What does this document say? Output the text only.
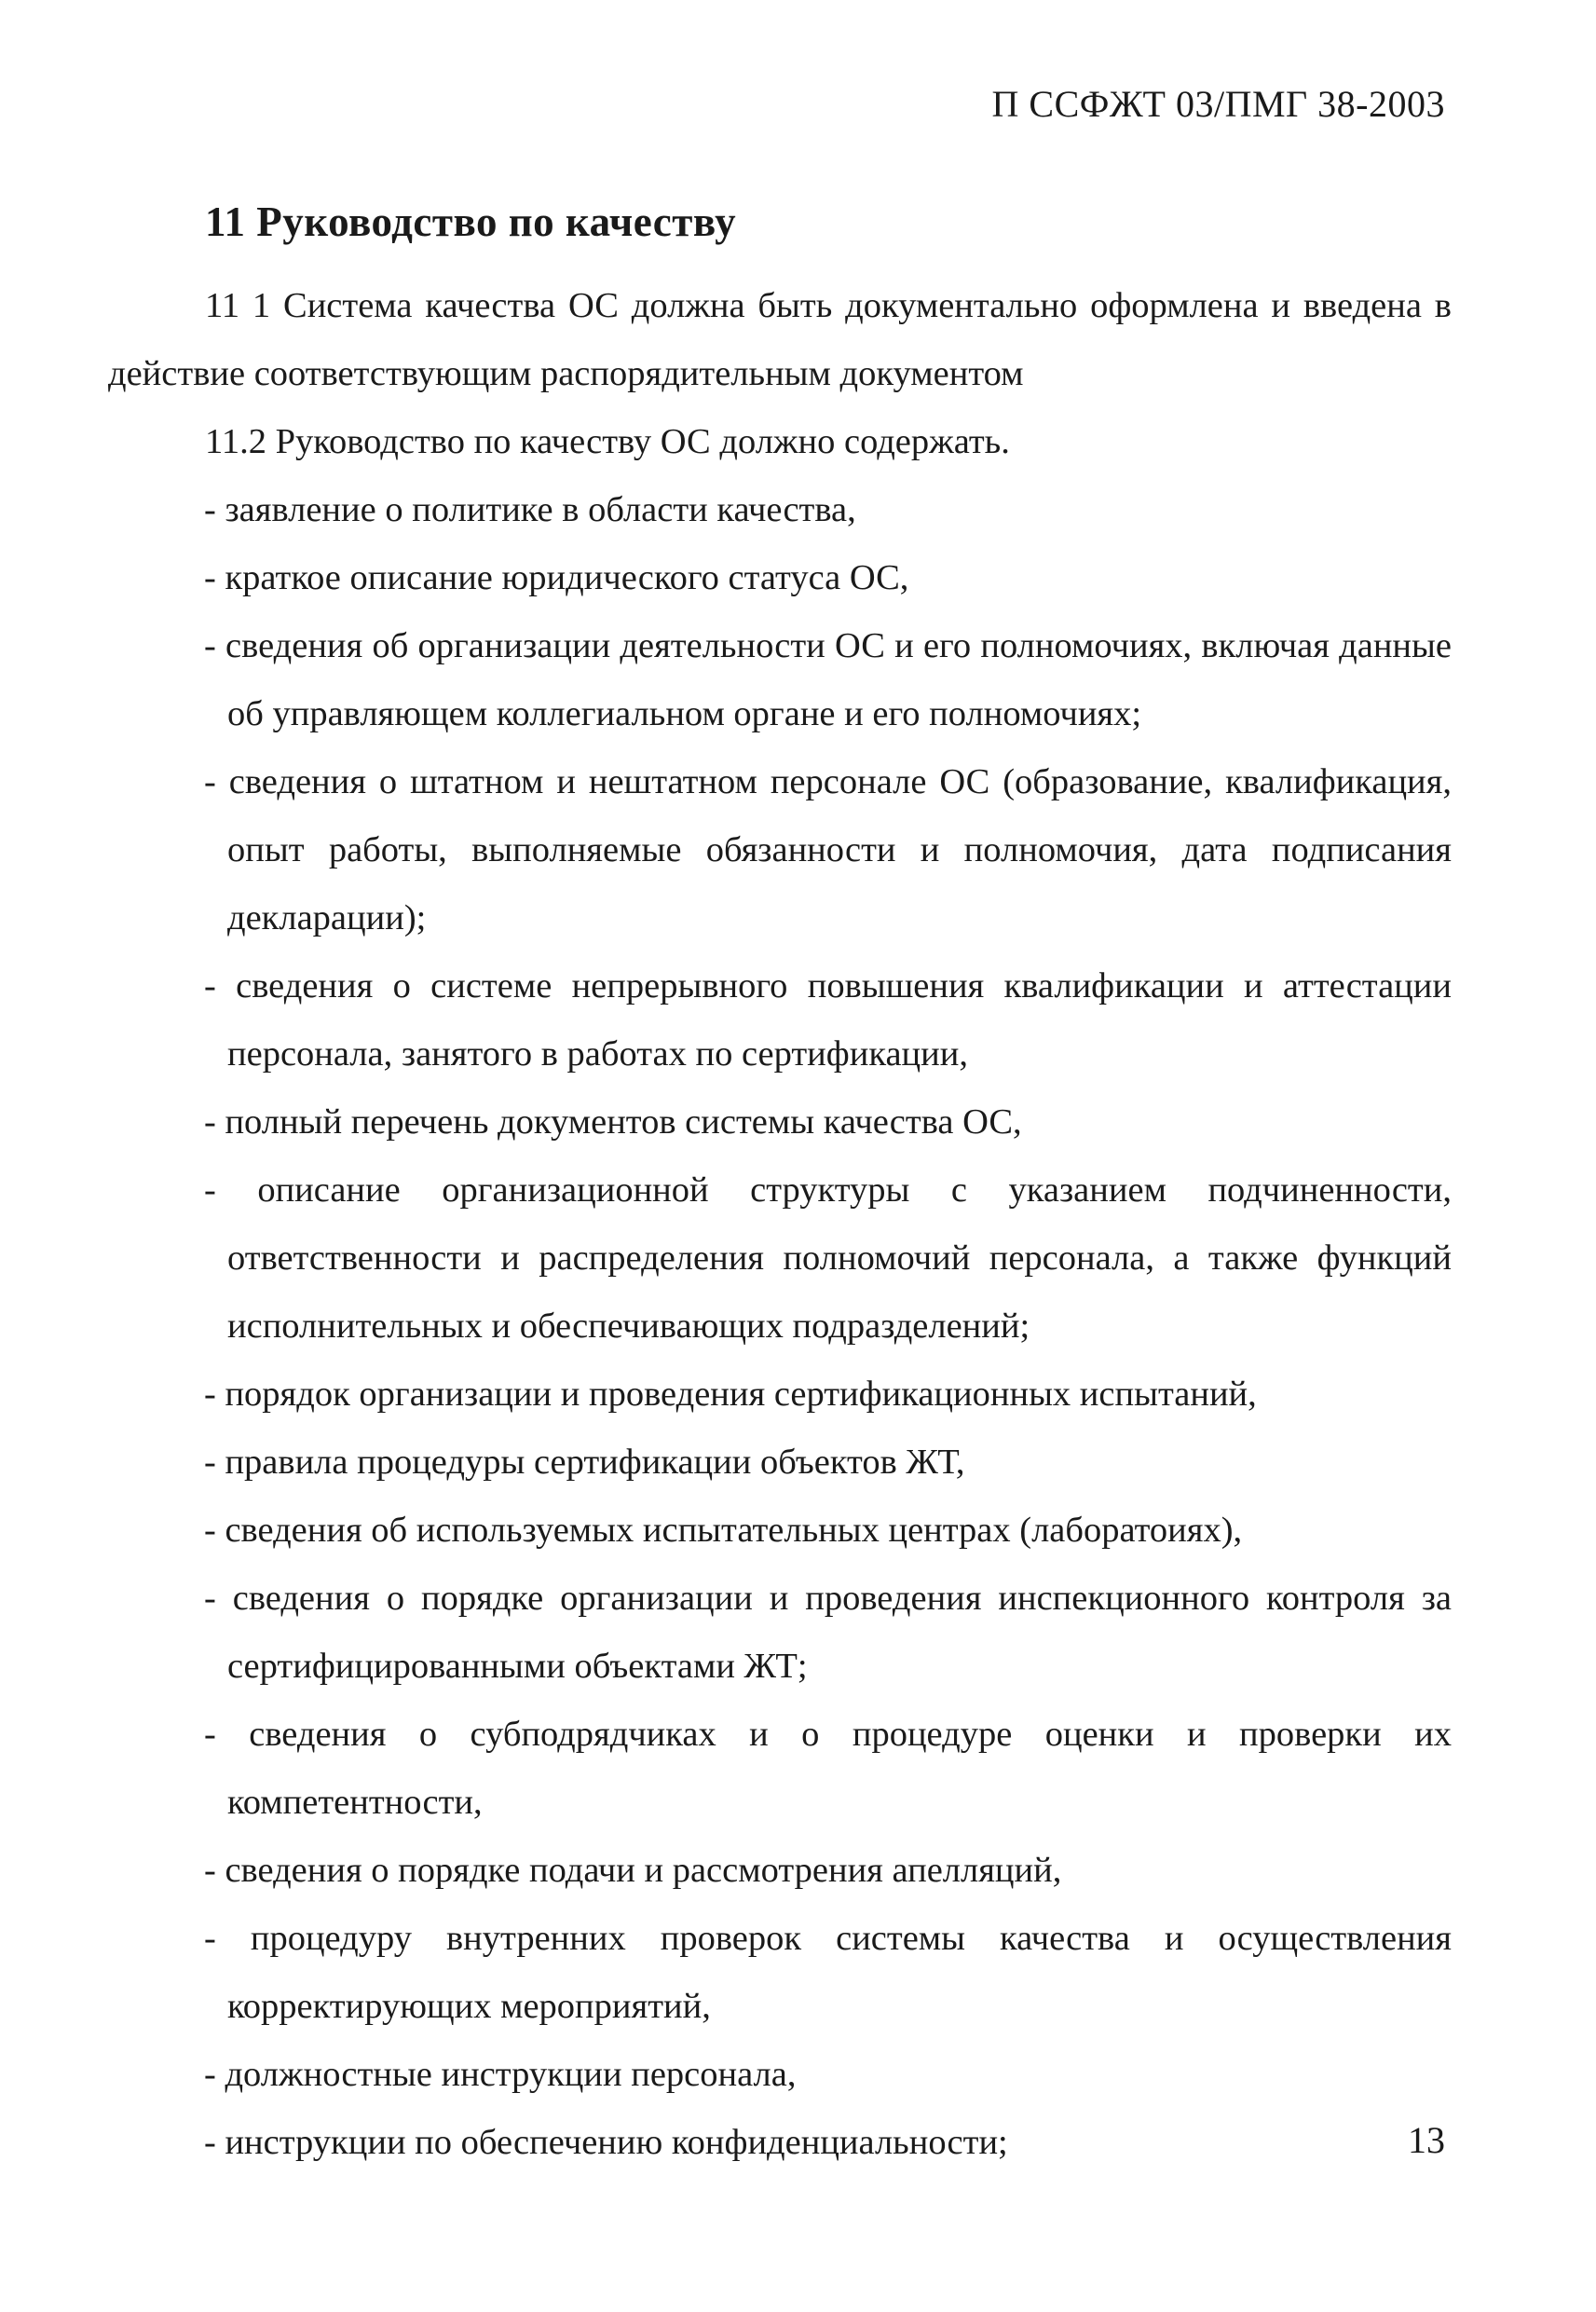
П ССФЖТ 03/ПМГ 38-2003
11 Руководство по качеству

11 1 Система качества ОС должна быть документально оформлена и введена в действие соответствующим распорядительным документом

11.2 Руководство по качеству ОС должно содержать.

- заявление о политике в области качества,
- краткое описание юридического статуса ОС,
- сведения об организации деятельности ОС и его полномочиях, включая данные об управляющем коллегиальном органе и его полномочиях;
- сведения о штатном и нештатном персонале ОС (образование, квалификация, опыт работы, выполняемые обязанности и полномочия, дата подписания декларации);
- сведения о системе непрерывного повышения квалификации и аттестации персонала, занятого в работах по сертификации,
- полный перечень документов системы качества ОС,
- описание организационной структуры с указанием подчиненности, ответственности и распределения полномочий персонала, а также функций исполнительных и обеспечивающих подразделений;
- порядок организации и проведения сертификационных испытаний,
- правила процедуры сертификации объектов ЖТ,
- сведения об используемых испытательных центрах (лаборатоиях),
- сведения о порядке организации и проведения инспекционного контроля за сертифицированными объектами ЖТ;
- сведения о субподрядчиках и о процедуре оценки и проверки их компетентности,
- сведения о порядке подачи и рассмотрения апелляций,
- процедуру внутренних проверок системы качества и осуществления корректирующих мероприятий,
- должностные инструкции персонала,
- инструкции по обеспечению конфиденциальности;	13
